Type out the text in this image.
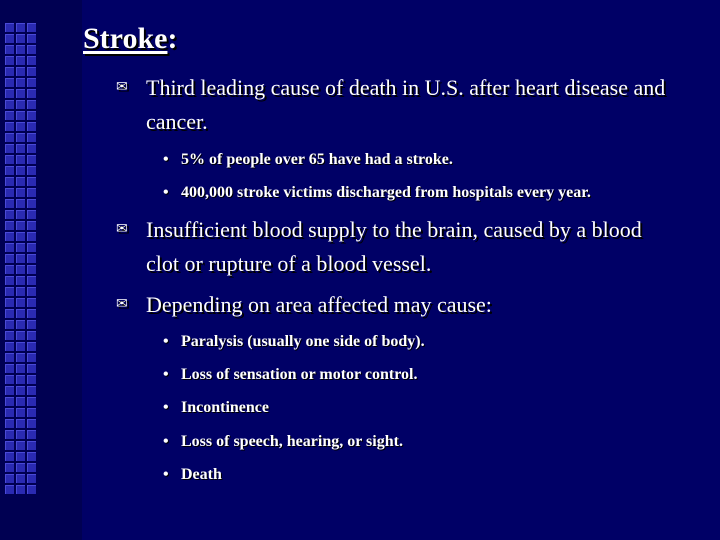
Stroke:
✉ Third leading cause of death in U.S. after heart disease and cancer.
• 5% of people over 65 have had a stroke.
• 400,000 stroke victims discharged from hospitals every year.
✉ Insufficient blood supply to the brain, caused by a blood clot or rupture of a blood vessel.
✉ Depending on area affected may cause:
• Paralysis (usually one side of body).
• Loss of sensation or motor control.
• Incontinence
• Loss of speech, hearing, or sight.
• Death
